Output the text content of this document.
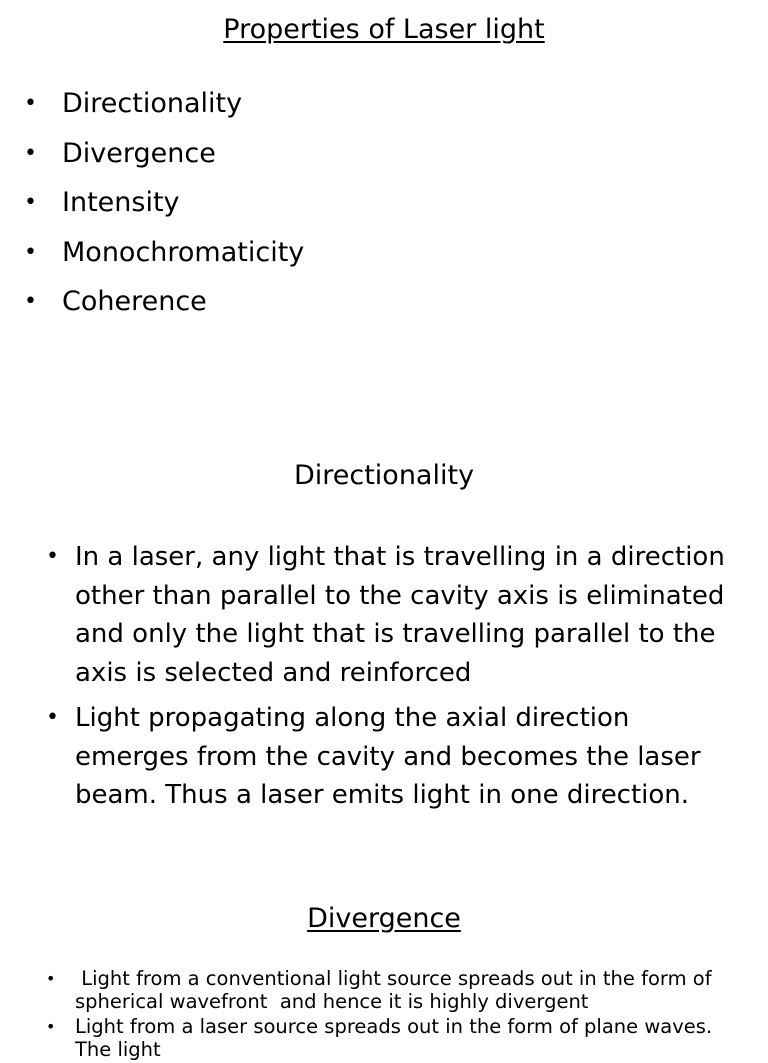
Properties of Laser light
• Directionality
• Divergence
• Intensity
• Monochromaticity
• Coherence
Directionality
• In a laser, any light that is travelling in a direction other than parallel to the cavity axis is eliminated and only the light that is travelling parallel to the axis is selected and reinforced
• Light propagating along the axial direction emerges from the cavity and becomes the laser beam. Thus a laser emits light in one direction.
Divergence
• Light from a conventional light source spreads out in the form of spherical wavefront  and hence it is highly divergent
• Light from a laser source spreads out in the form of plane waves. The light
